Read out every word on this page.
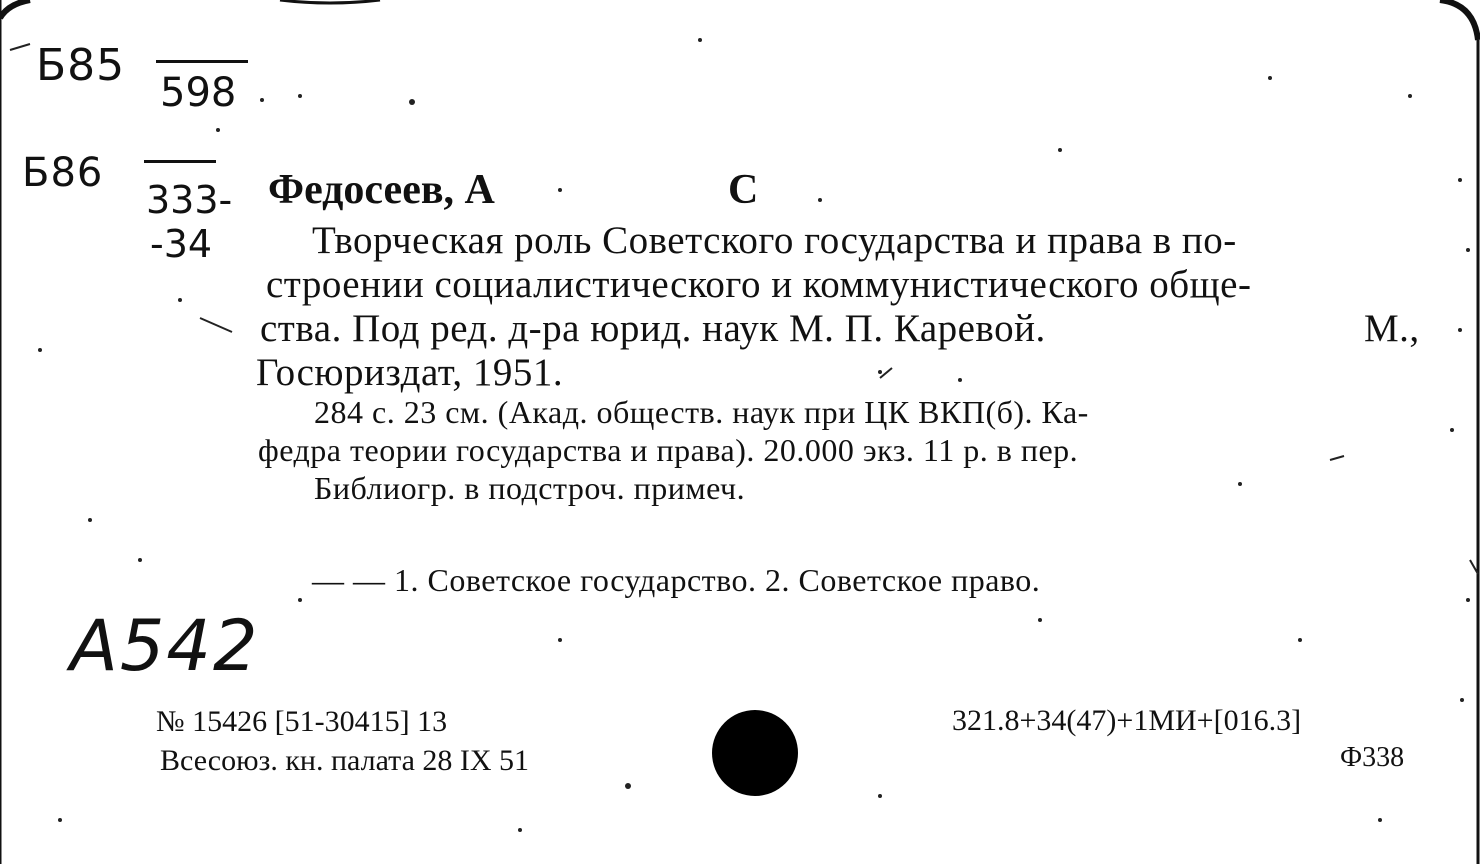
Б85
598
Б86
333-
-34
Федосеев, А	С
Творческая роль Советского государства и права в по-
строении социалистического и коммунистического обще-
ства. Под ред. д-ра юрид. наук М. П. Каревой.	М.,
Госюриздат, 1951.
284 с. 23 см. (Акад. обществ. наук при ЦК ВКП(б). Ка-
федра теории государства и права). 20.000 экз. 11 р. в пер.
Библиогр. в подстроч. примеч.
— — 1. Советское государство. 2. Советское право.
А542
№ 15426 [51-30415] 13
Всесоюз. кн. палата 28 IX 51
321.8+34(47)+1МИ+[016.3]
Ф338
